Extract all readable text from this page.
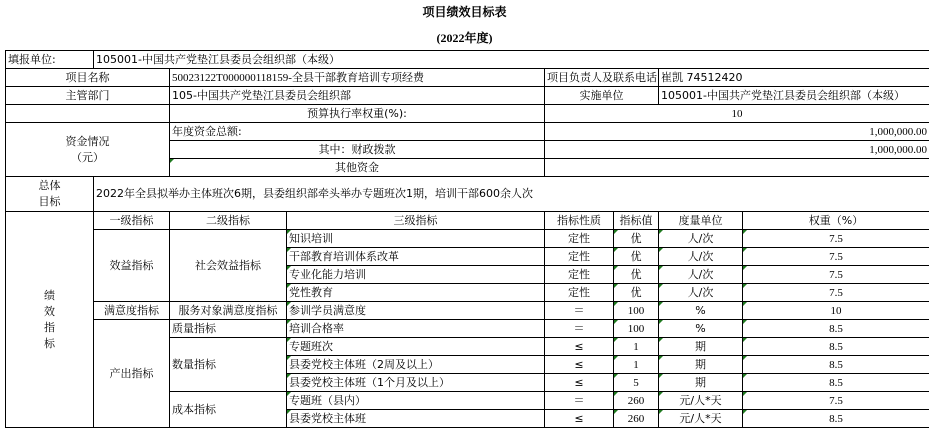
项目绩效目标表
(2022年度)
填报单位:	105001-中国共产党垫江县委员会组织部（本级）						
项目名称		50023122T000000118159-全县干部教育培训专项经费		项目负责人及联系电话		崔凯 74512420	
主管部门		105-中国共产党垫江县委员会组织部		实施单位		105001-中国共产党垫江县委员会组织部（本级）	
		预算执行率权重(%):		10			

资金情况
（元）		年度资金总额:		1,000,000.00			
		其中：财政拨款		1,000,000.00			
		其他资金					

总体
目标	2022年全县拟举办主体班次6期，县委组织部牵头举办专题班次1期，培训干部600余人次						

绩
效
指
标	一级指标	二级指标	三级指标	指标性质	指标值	度量单位	权重（%）
	效益指标	社会效益指标	知识培训	定性	优	人/次	7.5
			干部教育培训体系改革	定性	优	人/次	7.5
			专业化能力培训	定性	优	人/次	7.5
			党性教育	定性	优	人/次	7.5
	满意度指标	服务对象满意度指标	参训学员满意度	＝	100	%	10
	产出指标	质量指标	培训合格率	＝	100	%	8.5
		数量指标	专题班次	≤	1	期	8.5
			县委党校主体班（2周及以上）	≤	1	期	8.5
			县委党校主体班（1个月及以上）	≤	5	期	8.5
		成本指标	专题班（县内）	＝	260	元/人*天	7.5
			县委党校主体班	≤	260	元/人*天	8.5
